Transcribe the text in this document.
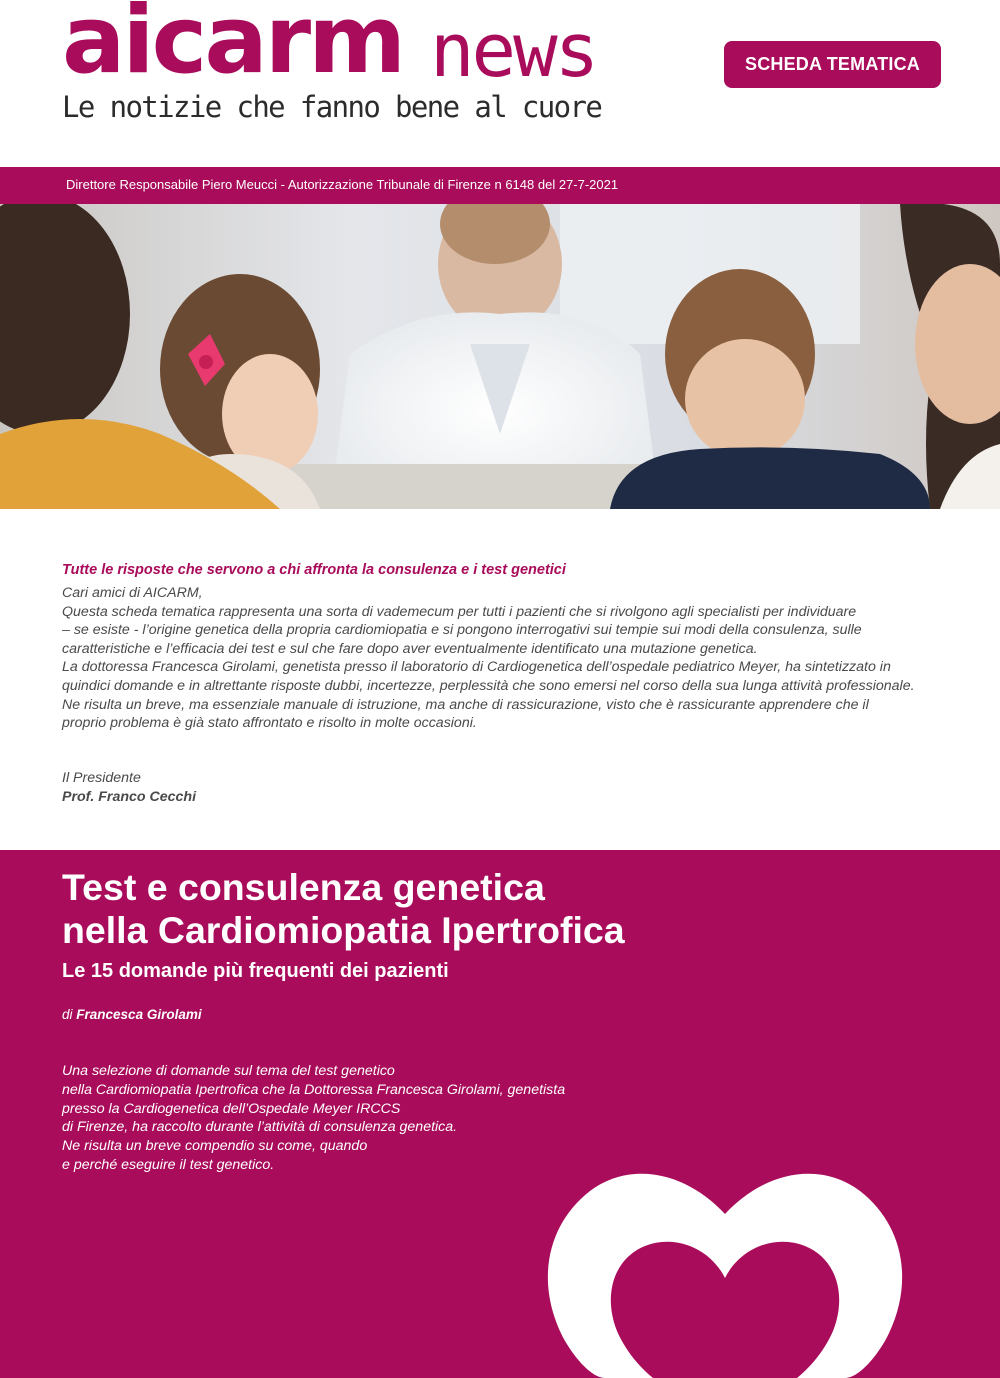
aicarm news
Le notizie che fanno bene al cuore
SCHEDA TEMATICA
Direttore Responsabile Piero Meucci - Autorizzazione Tribunale di Firenze n 6148 del 27-7-2021
Tutte le risposte che servono a chi affronta la consulenza e i test genetici

Cari amici di AICARM,

Questa scheda tematica rappresenta una sorta di vademecum per tutti i pazienti che si rivolgono agli specialisti per individuare

– se esiste - l’origine genetica della propria cardiomiopatia e si pongono interrogativi sui tempie sui modi della consulenza, sulle

caratteristiche e l’efficacia dei test e sul che fare dopo aver eventualmente identificato una mutazione genetica.

La dottoressa Francesca Girolami, genetista presso il laboratorio di Cardiogenetica dell’ospedale pediatrico Meyer, ha sintetizzato in

quindici domande e in altrettante risposte dubbi, incertezze, perplessità che sono emersi nel corso della sua lunga attività professionale.

Ne risulta un breve, ma essenziale manuale di istruzione, ma anche di rassicurazione, visto che è rassicurante apprendere che il

proprio problema è già stato affrontato e risolto in molte occasioni.

Il Presidente
Prof. Franco Cecchi
Test e consulenza genetica
nella Cardiomiopatia Ipertrofica
Le 15 domande più frequenti dei pazienti
di Francesca Girolami

Una selezione di domande sul tema del test genetico

nella Cardiomiopatia Ipertrofica che la Dottoressa Francesca Girolami, genetista

presso la Cardiogenetica dell’Ospedale Meyer IRCCS

di Firenze, ha raccolto durante l’attività di consulenza genetica.

Ne risulta un breve compendio su come, quando

e perché eseguire il test genetico.
